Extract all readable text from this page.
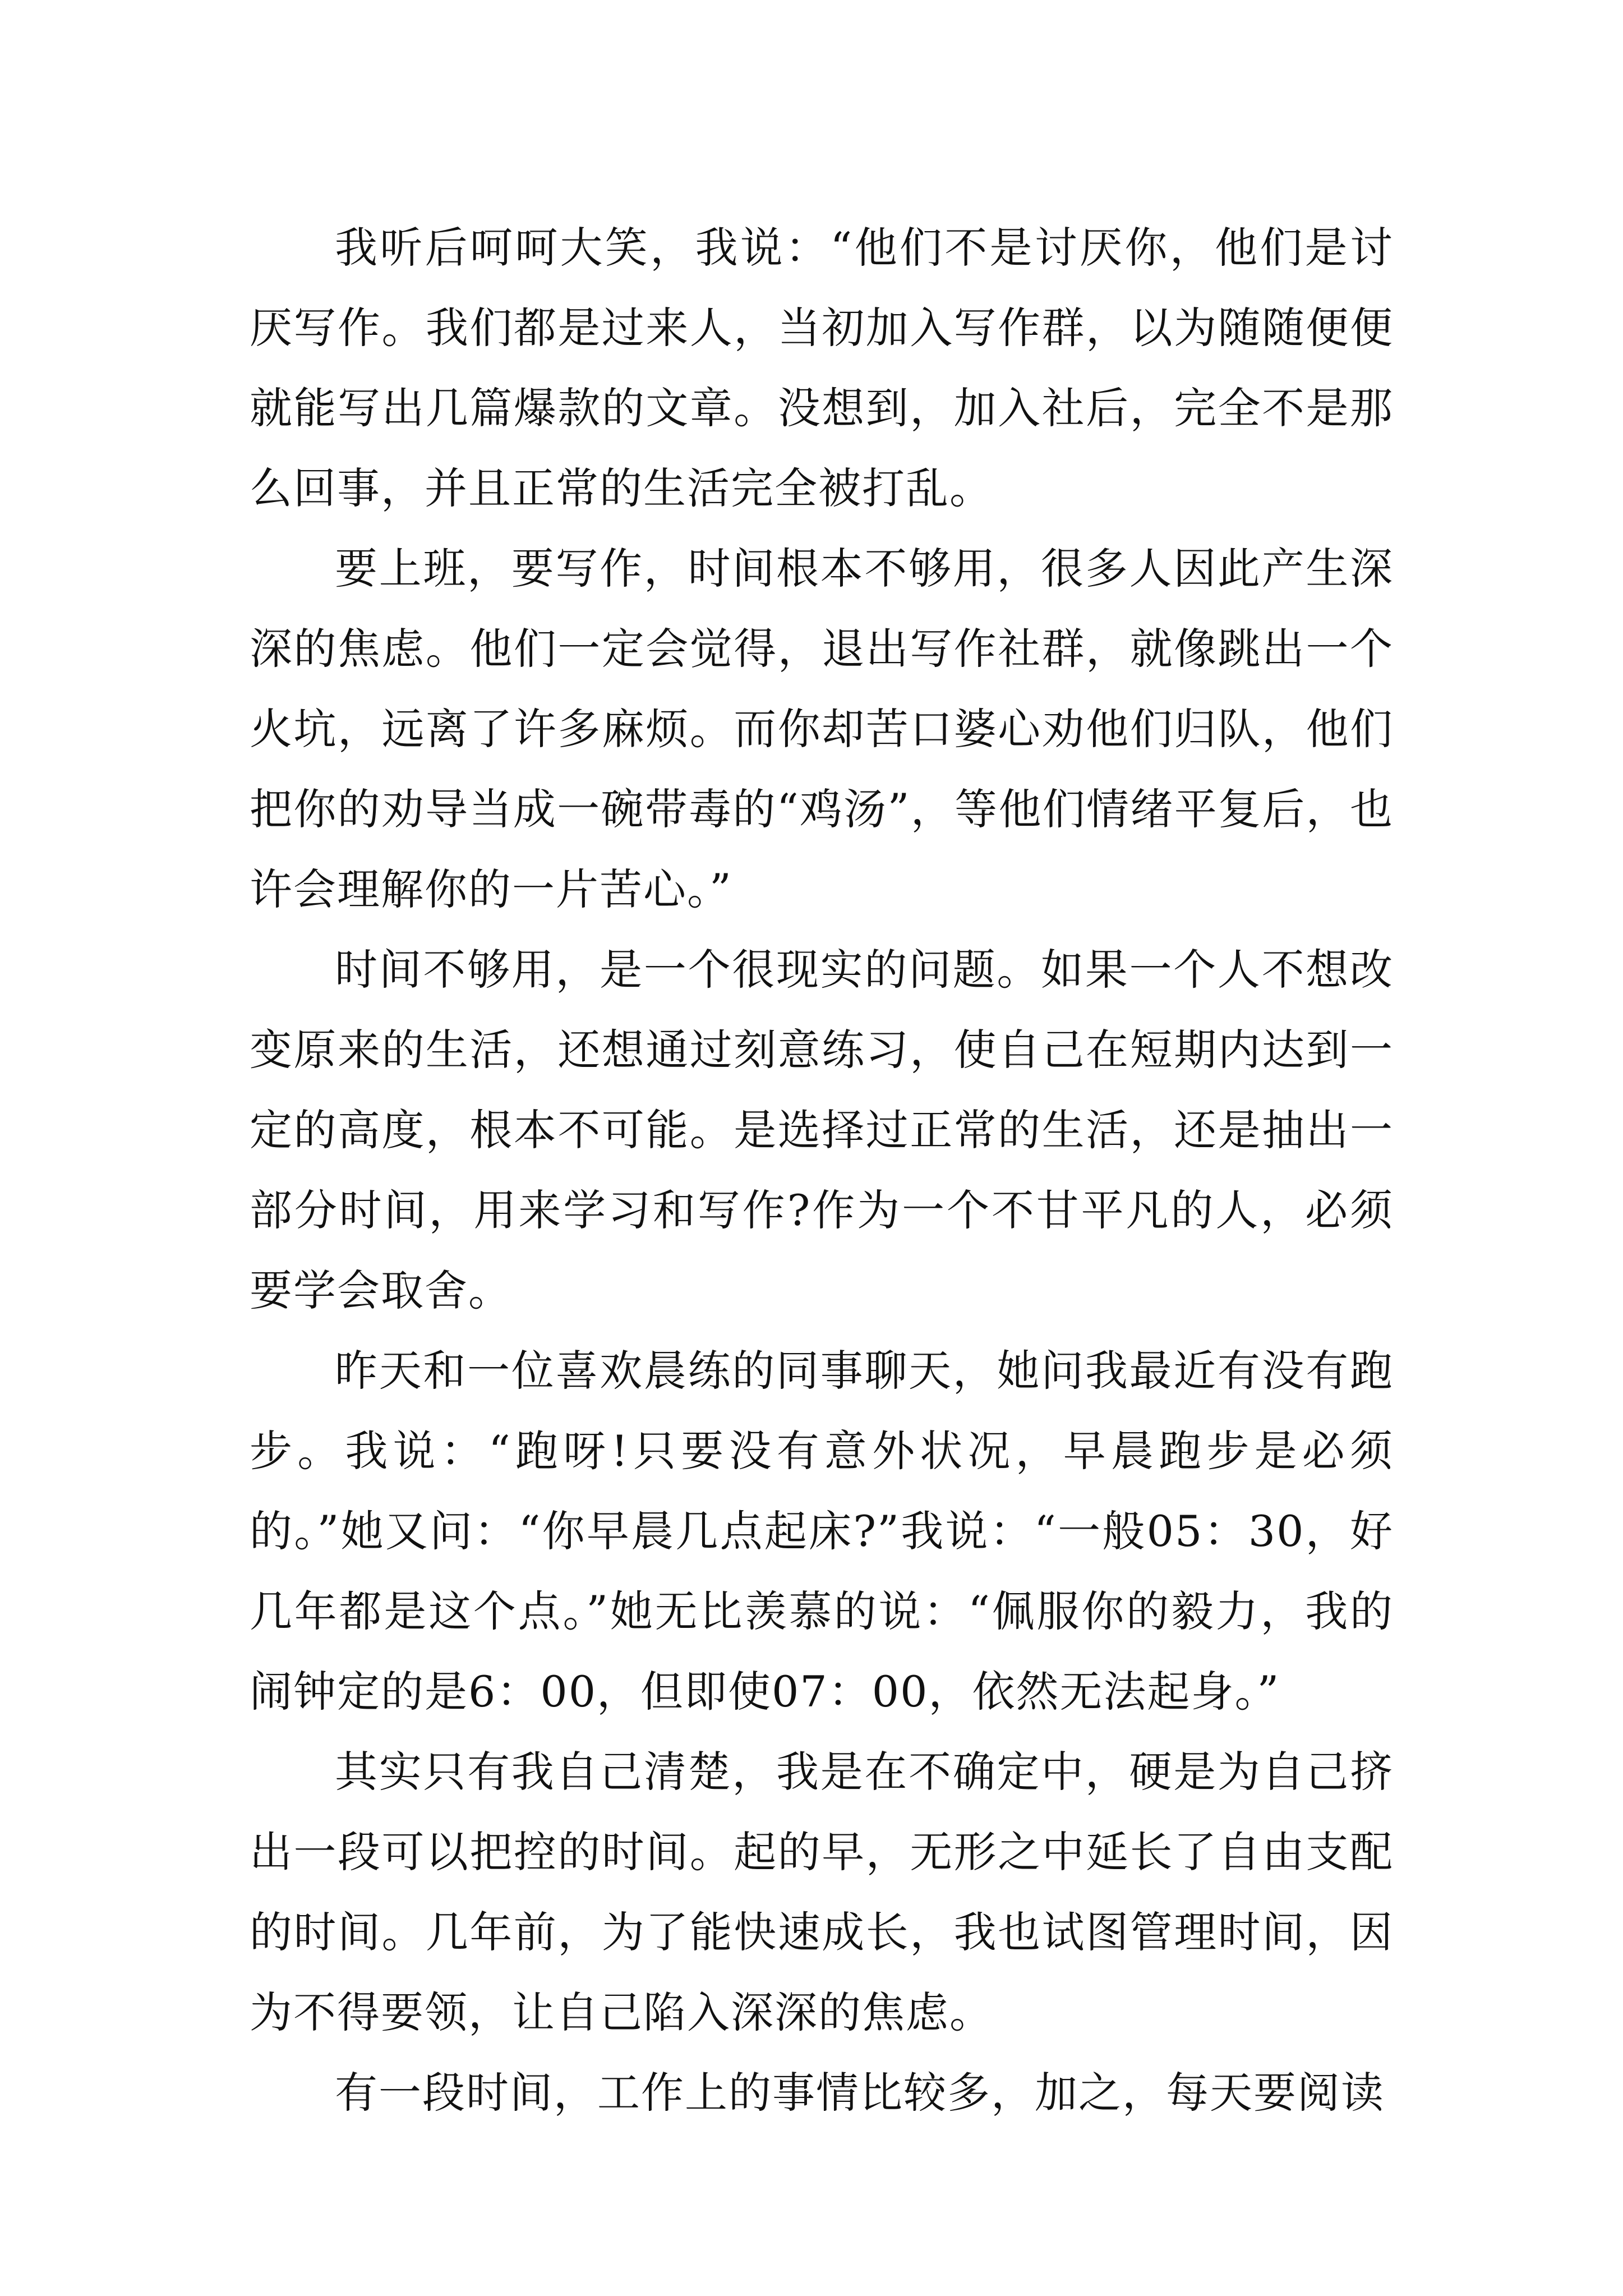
我听后呵呵大笑，我说：“他们不是讨厌你，他们是讨厌写作。我们都是过来人，当初加入写作群，以为随随便便就能写出几篇爆款的文章。没想到，加入社后，完全不是那么回事，并且正常的生活完全被打乱。

要上班，要写作，时间根本不够用，很多人因此产生深深的焦虑。他们一定会觉得，退出写作社群，就像跳出一个火坑，远离了许多麻烦。而你却苦口婆心劝他们归队，他们把你的劝导当成一碗带毒的“鸡汤”，等他们情绪平复后，也许会理解你的一片苦心。”

时间不够用，是一个很现实的问题。如果一个人不想改变原来的生活，还想通过刻意练习，使自己在短期内达到一定的高度，根本不可能。是选择过正常的生活，还是抽出一部分时间，用来学习和写作?作为一个不甘平凡的人，必须要学会取舍。

昨天和一位喜欢晨练的同事聊天，她问我最近有没有跑步。我说：“跑呀!只要没有意外状况，早晨跑步是必须的。”她又问：“你早晨几点起床?”我说：“一般05：30，好几年都是这个点。”她无比羡慕的说：“佩服你的毅力，我的闹钟定的是6：00，但即使07：00，依然无法起身。”

其实只有我自己清楚，我是在不确定中，硬是为自己挤出一段可以把控的时间。起的早，无形之中延长了自由支配的时间。几年前，为了能快速成长，我也试图管理时间，因为不得要领，让自己陷入深深的焦虑。

有一段时间，工作上的事情比较多，加之，每天要阅读
